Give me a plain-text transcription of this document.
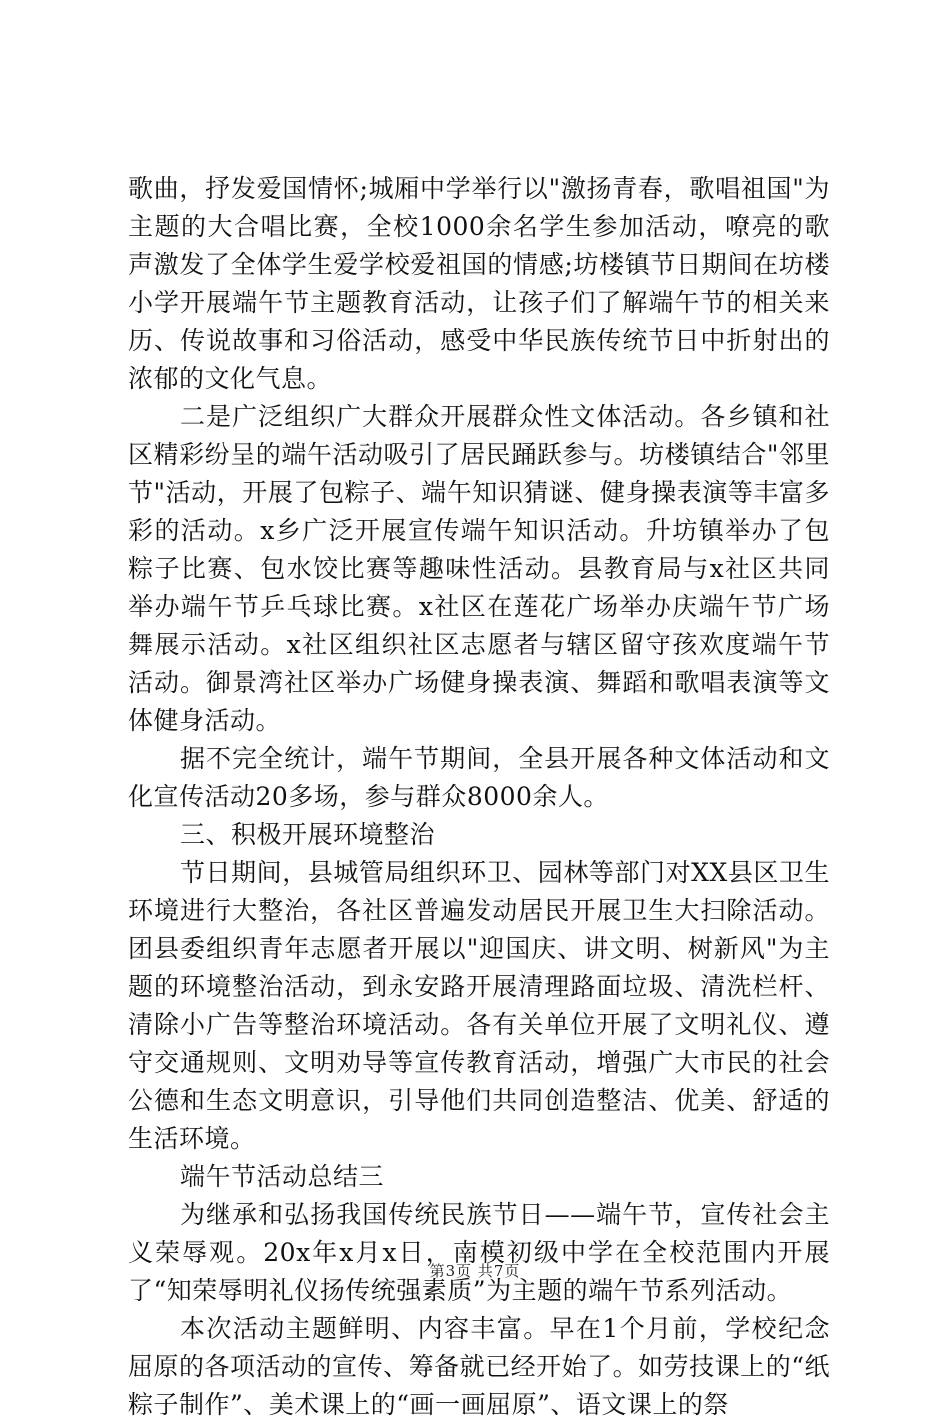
歌曲，抒发爱国情怀;城厢中学举行以"激扬青春，歌唱祖国"为主题的大合唱比赛，全校1000余名学生参加活动，嘹亮的歌声激发了全体学生爱学校爱祖国的情感;坊楼镇节日期间在坊楼小学开展端午节主题教育活动，让孩子们了解端午节的相关来历、传说故事和习俗活动，感受中华民族传统节日中折射出的浓郁的文化气息。

二是广泛组织广大群众开展群众性文体活动。各乡镇和社区精彩纷呈的端午活动吸引了居民踊跃参与。坊楼镇结合"邻里节"活动，开展了包粽子、端午知识猜谜、健身操表演等丰富多彩的活动。x乡广泛开展宣传端午知识活动。升坊镇举办了包粽子比赛、包水饺比赛等趣味性活动。县教育局与x社区共同举办端午节乒乓球比赛。x社区在莲花广场举办庆端午节广场舞展示活动。x社区组织社区志愿者与辖区留守孩欢度端午节活动。御景湾社区举办广场健身操表演、舞蹈和歌唱表演等文体健身活动。

据不完全统计，端午节期间，全县开展各种文体活动和文化宣传活动20多场，参与群众8000余人。

三、积极开展环境整治

节日期间，县城管局组织环卫、园林等部门对XX县区卫生环境进行大整治，各社区普遍发动居民开展卫生大扫除活动。团县委组织青年志愿者开展以"迎国庆、讲文明、树新风"为主题的环境整治活动，到永安路开展清理路面垃圾、清洗栏杆、清除小广告等整治环境活动。各有关单位开展了文明礼仪、遵守交通规则、文明劝导等宣传教育活动，增强广大市民的社会公德和生态文明意识，引导他们共同创造整洁、优美、舒适的生活环境。

端午节活动总结三

为继承和弘扬我国传统民族节日——端午节，宣传社会主义荣辱观。20x年x月x日，南模初级中学在全校范围内开展了“知荣辱明礼仪扬传统强素质”为主题的端午节系列活动。

本次活动主题鲜明、内容丰富。早在1个月前，学校纪念屈原的各项活动的宣传、筹备就已经开始了。如劳技课上的“纸粽子制作”、美术课上的“画一画屈原”、语文课上的祭

第3页 共7页
